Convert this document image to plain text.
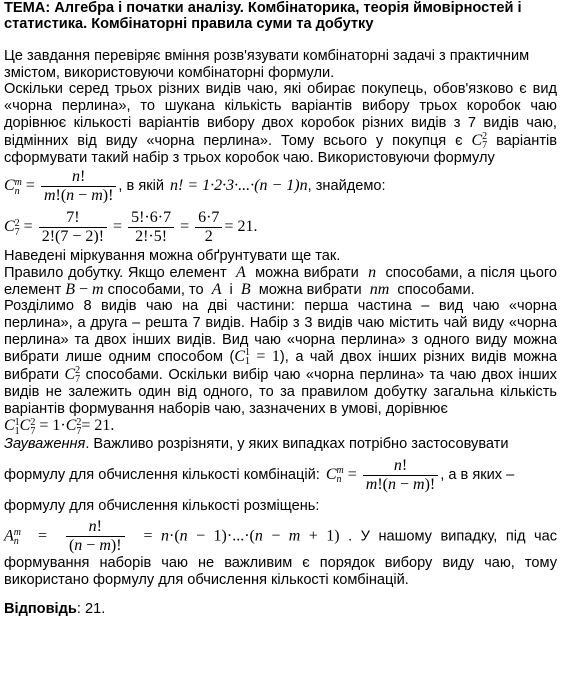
ТЕМА: Алгебра і початки аналізу. Комбінаторика, теорія ймовірностей і статистика. Комбінаторні правила суми та добутку

Це завдання перевіряє вміння розв'язувати комбінаторні задачі з практичним змістом, використовуючи комбінаторні формули.

Оскільки серед трьох різних видів чаю, які обирає покупець, обов'язково є вид «чорна перлина», то шукана кількість варіантів вибору трьох коробок чаю дорівнює кількості варіантів вибору двох коробок різних видів з 7 видів чаю, відмінних від виду «чорна перлина». Тому всього у покупця є C 2
7 варіантів сформувати такий набір з трьох коробок чаю. Використовуючи формулу

C m
$n = \frac{n!}{m!(n - m)!}$ , в якій n! = 1·2·3·...·(n − 1)n , знайдемо:
C 2
$7 = \frac{7!}{2!(7 - 2)!} = \frac{5!\cdot 6\cdot 7}{2!\cdot 5!} = \frac{6\cdot 7}{2} = 21$.

Наведені міркування можна обґрунтувати ще так.

Правило добутку. Якщо елемент  A  можна вибрати  n  способами, а після цього елемент B − m способами, то  A  і  B  можна вибрати  nm  способами.

Розділимо 8 видів чаю на дві частини: перша частина – вид чаю «чорна перлина», а друга – решта 7 видів. Набір з 3 видів чаю містить чай виду «чорна перлина» та двох інших видів. Вид чаю «чорна перлина» з одного виду можна вибрати лише одним способом (C 1
1 = 1), а чай двох інших різних видів можна вибрати C 2
7 способами. Оскільки вибір чаю «чорна перлина» та чаю двох інших видів не залежить один від одного, то за правилом добутку загальна кількість варіантів формування наборів чаю, зазначених в умові, дорівнює

C 1
1 C 2
7 = 1· C 2
7 = 21.

Зауваження. Важливо розрізняти, у яких випадках потрібно застосовувати

формулу для обчислення кількості комбінацій: C m
$n = \frac{n!}{m!(n - m)!}$ , а в яких –

формулу для обчислення кількості розміщень:

A m
$n = \frac{n!}{(n - m)!} = n\cdot(n - 1)\cdot...\cdot(n - m + 1)$ . У нашому випадку, під час формування наборів чаю не важливим є порядок вибору виду чаю, тому використано формулу для обчислення кількості комбінацій.

Відповідь: 21.
